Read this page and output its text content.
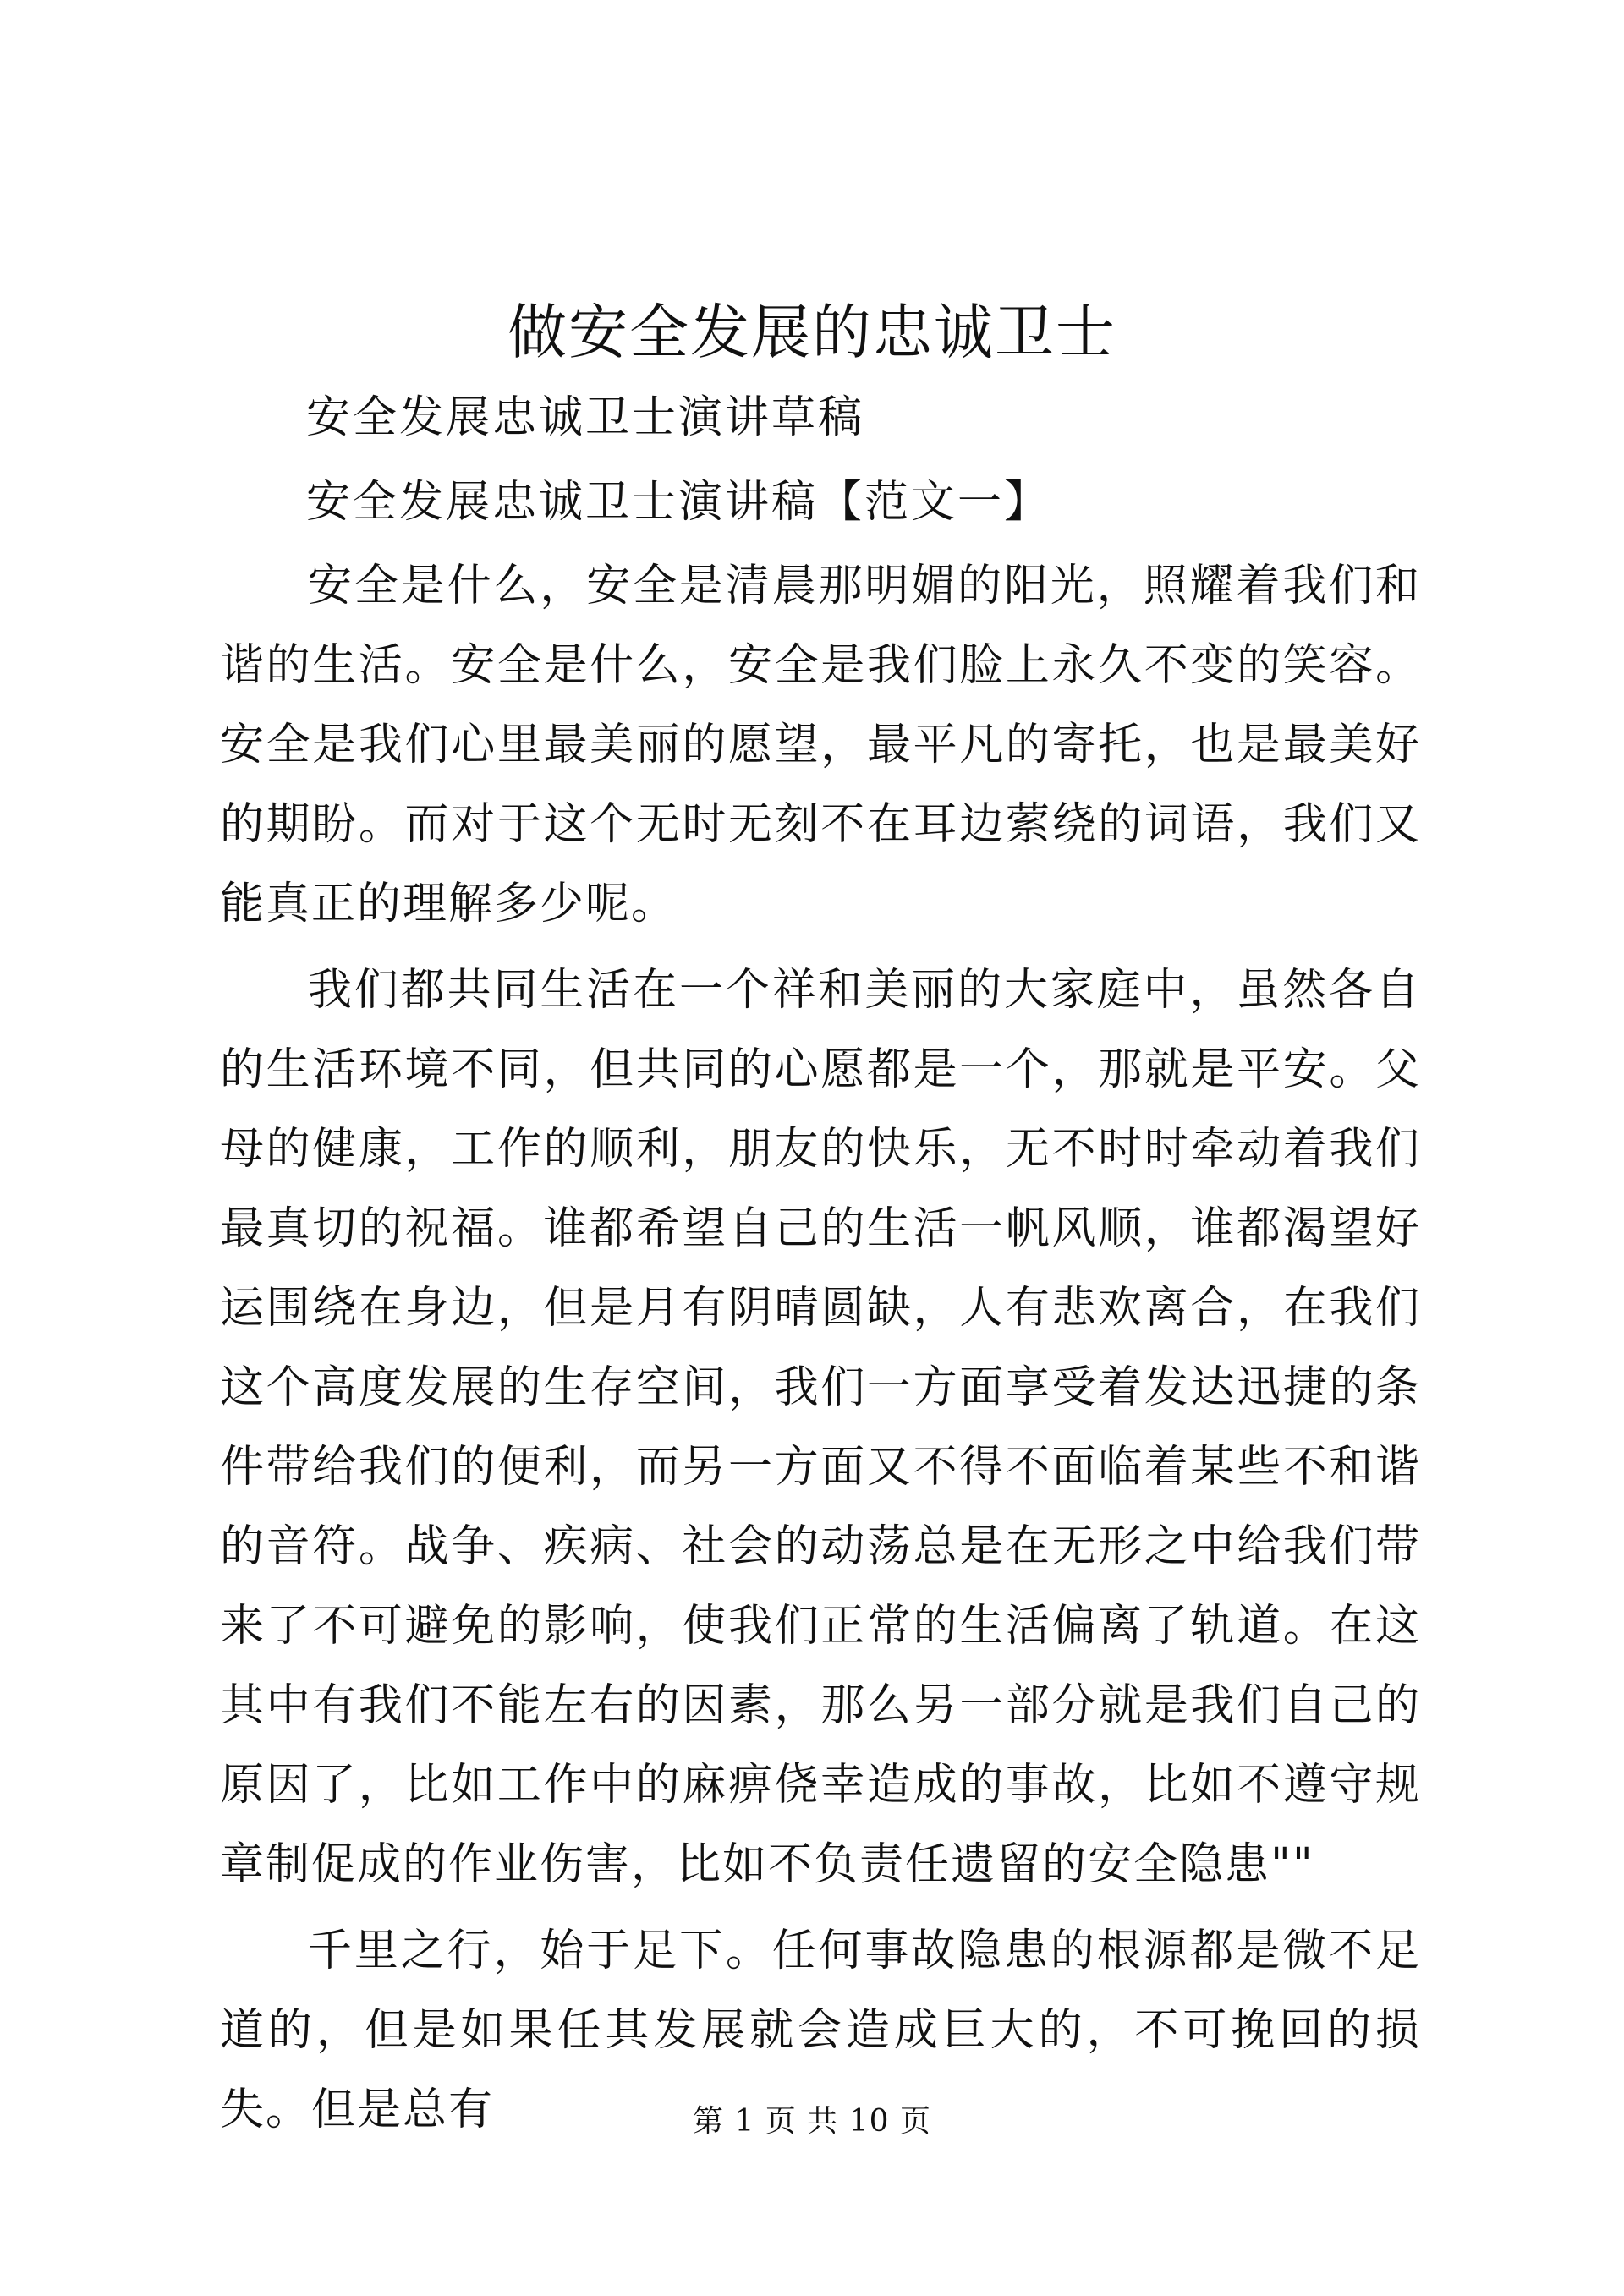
做安全发展的忠诚卫士

安全发展忠诚卫士演讲草稿

安全发展忠诚卫士演讲稿【范文一】

安全是什么，安全是清晨那明媚的阳光，照耀着我们和谐的生活。安全是什么，安全是我们脸上永久不变的笑容。安全是我们心里最美丽的愿望，最平凡的寄托，也是最美好的期盼。而对于这个无时无刻不在耳边萦绕的词语，我们又能真正的理解多少呢。

我们都共同生活在一个祥和美丽的大家庭中，虽然各自的生活环境不同，但共同的心愿都是一个，那就是平安。父母的健康，工作的顺利，朋友的快乐，无不时时牵动着我们最真切的祝福。谁都希望自己的生活一帆风顺，谁都渴望好运围绕在身边，但是月有阴晴圆缺，人有悲欢离合，在我们这个高度发展的生存空间，我们一方面享受着发达迅捷的条件带给我们的便利，而另一方面又不得不面临着某些不和谐的音符。战争、疾病、社会的动荡总是在无形之中给我们带来了不可避免的影响，使我们正常的生活偏离了轨道。在这其中有我们不能左右的因素，那么另一部分就是我们自己的原因了，比如工作中的麻痹侥幸造成的事故，比如不遵守规章制促成的作业伤害，比如不负责任遗留的安全隐患""

千里之行，始于足下。任何事故隐患的根源都是微不足道的，但是如果任其发展就会造成巨大的，不可挽回的损失。但是总有	第 1 页 共 10 页
